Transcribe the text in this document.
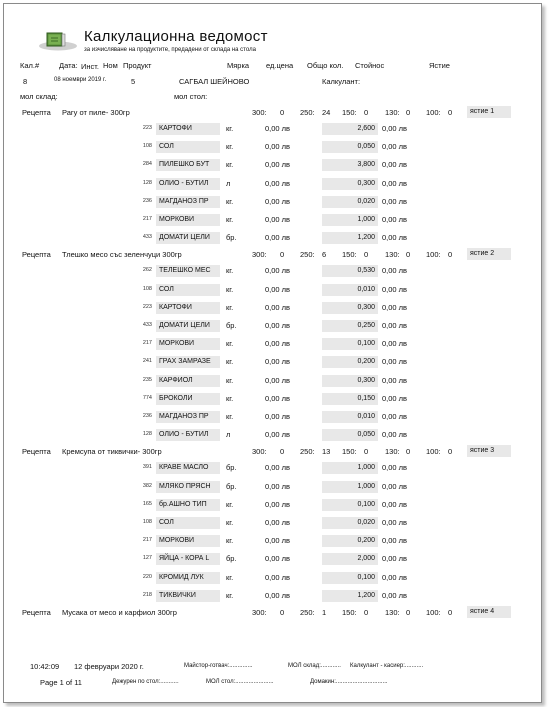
Калкулационна ведомост
за изчисляване на продуктите, предадени от склада на стола
Кал.#	Дата: Инст. Ном Продукт	Мярка ед.цена Общо кол. Стойнос	Ястие
8	08 ноември 2019 г.	5	САГБАЛ ШЕЙНОВО	Калкулант:
мол склад:	мол стол:
Рецепта Рагу от пиле- 300гр	300: 0 250: 24 150: 0 130: 0 100: 0	ястие 1
223	КАРТОФИ	кг.	0,00 лв	2,600 0,00 лв
108	СОЛ	кг.	0,00 лв	0,050 0,00 лв
284	ПИЛЕШКО БУТ	кг.	0,00 лв	3,800 0,00 лв
128	ОЛИО - БУТИЛ	л	0,00 лв	0,300 0,00 лв
236	МАГДАНОЗ ПР	кг.	0,00 лв	0,020 0,00 лв
217	МОРКОВИ	кг.	0,00 лв	1,000 0,00 лв
433	ДОМАТИ ЦЕЛИ	бр.	0,00 лв	1,200 0,00 лв
Рецепта Тлешко месо със зеленчуци 300гр	300: 0 250: 6 150: 0 130: 0 100: 0	ястие 2
262	ТЕЛЕШКО МЕС	кг.	0,00 лв	0,530 0,00 лв
108	СОЛ	кг.	0,00 лв	0,010 0,00 лв
223	КАРТОФИ	кг.	0,00 лв	0,300 0,00 лв
433	ДОМАТИ ЦЕЛИ	бр.	0,00 лв	0,250 0,00 лв
217	МОРКОВИ	кг.	0,00 лв	0,100 0,00 лв
241	ГРАХ ЗАМРАЗЕ	кг.	0,00 лв	0,200 0,00 лв
235	КАРФИОЛ	кг.	0,00 лв	0,300 0,00 лв
774	БРОКОЛИ	кг.	0,00 лв	0,150 0,00 лв
236	МАГДАНОЗ ПР	кг.	0,00 лв	0,010 0,00 лв
128	ОЛИО - БУТИЛ	л	0,00 лв	0,050 0,00 лв
Рецепта Кремсупа от тиквички- 300гр	300: 0 250: 13 150: 0 130: 0 100: 0	ястие 3
391	КРАВЕ МАСЛО	бр.	0,00 лв	1,000 0,00 лв
382	МЛЯКО ПРЯСН	бр.	0,00 лв	1,000 0,00 лв
165	бр.АШНО ТИП	кг.	0,00 лв	0,100 0,00 лв
108	СОЛ	кг.	0,00 лв	0,020 0,00 лв
217	МОРКОВИ	кг.	0,00 лв	0,200 0,00 лв
127	ЯЙЦА - КОРА L	бр.	0,00 лв	2,000 0,00 лв
220	КРОМИД ЛУК	кг.	0,00 лв	0,100 0,00 лв
218	ТИКВИЧКИ	кг.	0,00 лв	1,200 0,00 лв
Рецепта Мусака от месо и карфиол 300гр	300: 0 250: 1 150: 0 130: 0 100: 0	ястие 4
10:42:09 12 февруари 2020 г.	Майстор-готвач:..............	МОЛ склад:............ Калкулант - касиер:...........
Page 1 of 11	Дежурен по стол:...........	МОЛ стол:.......................	Домакин:...............................
